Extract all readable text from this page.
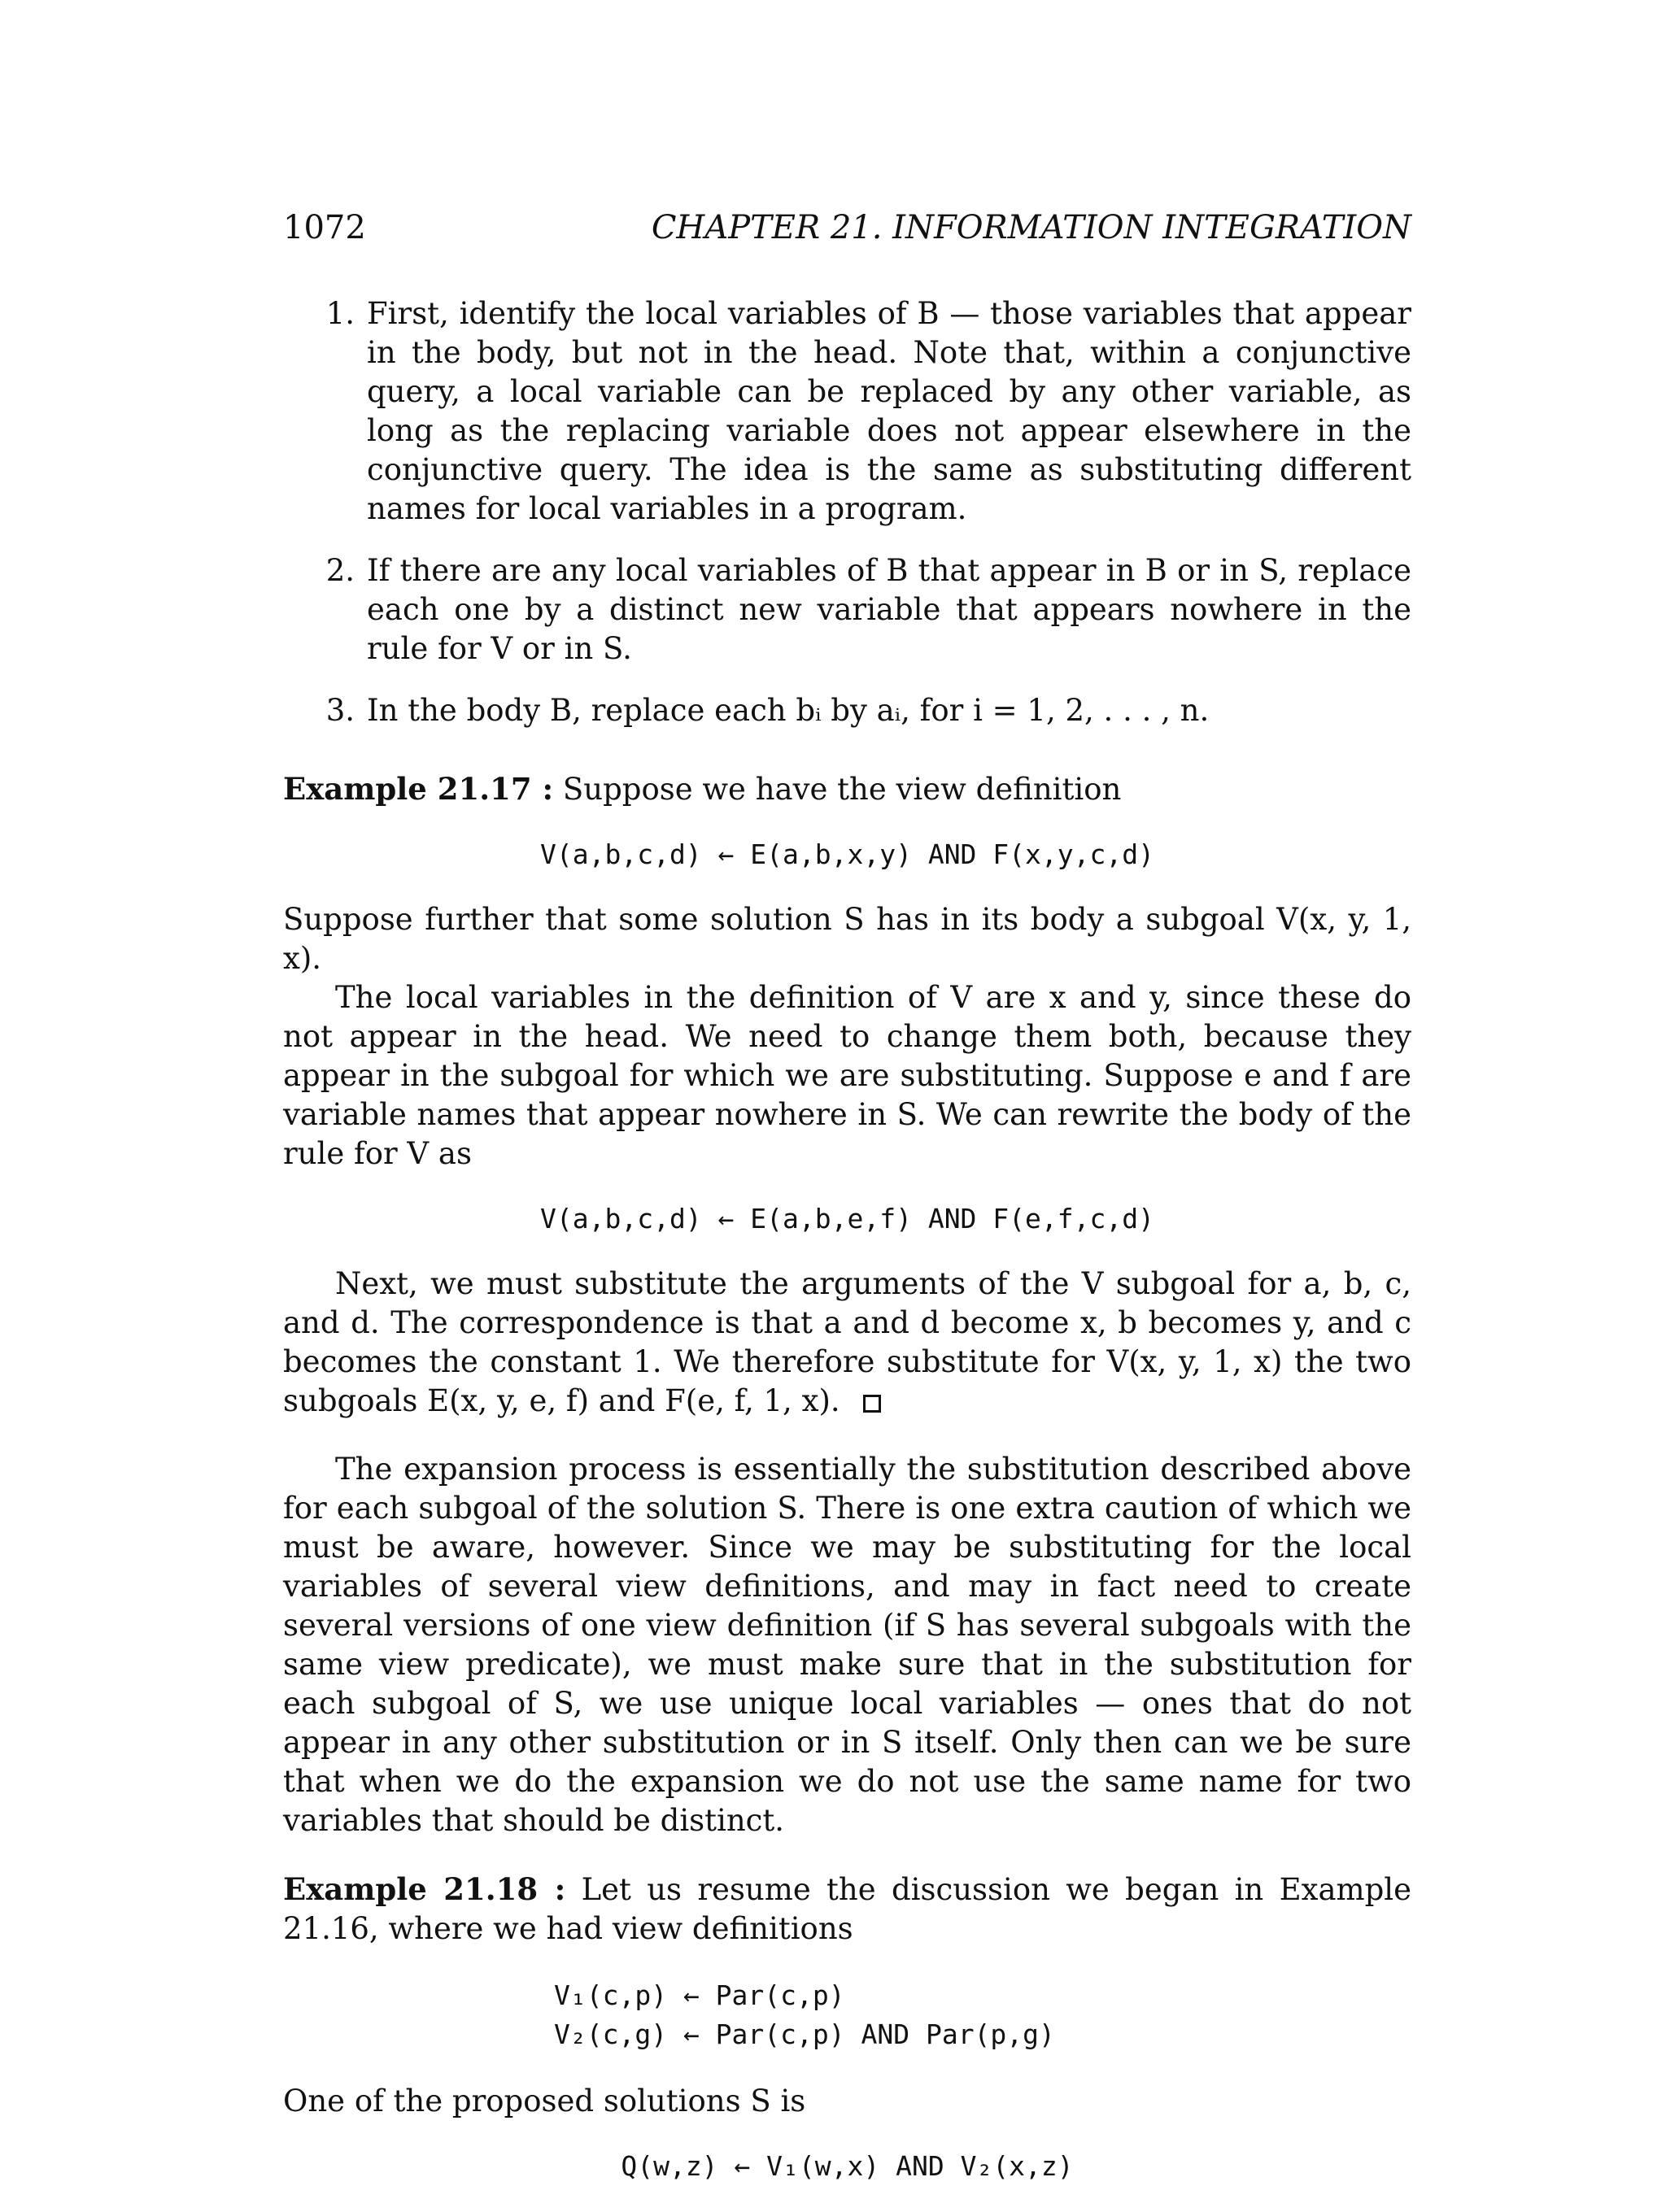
1072	CHAPTER 21. INFORMATION INTEGRATION
1. First, identify the local variables of B — those variables that appear in the body, but not in the head. Note that, within a conjunctive query, a local variable can be replaced by any other variable, as long as the replacing variable does not appear elsewhere in the conjunctive query. The idea is the same as substituting different names for local variables in a program.
2. If there are any local variables of B that appear in B or in S, replace each one by a distinct new variable that appears nowhere in the rule for V or in S.
3. In the body B, replace each bᵢ by aᵢ, for i = 1, 2, . . . , n.

Example 21.17 : Suppose we have the view definition

V(a,b,c,d) ← E(a,b,x,y) AND F(x,y,c,d)

Suppose further that some solution S has in its body a subgoal V(x, y, 1, x).

The local variables in the definition of V are x and y, since these do not appear in the head. We need to change them both, because they appear in the subgoal for which we are substituting. Suppose e and f are variable names that appear nowhere in S. We can rewrite the body of the rule for V as

V(a,b,c,d) ← E(a,b,e,f) AND F(e,f,c,d)

Next, we must substitute the arguments of the V subgoal for a, b, c, and d. The correspondence is that a and d become x, b becomes y, and c becomes the constant 1. We therefore substitute for V(x, y, 1, x) the two subgoals E(x, y, e, f) and F(e, f, 1, x).

The expansion process is essentially the substitution described above for each subgoal of the solution S. There is one extra caution of which we must be aware, however. Since we may be substituting for the local variables of several view definitions, and may in fact need to create several versions of one view definition (if S has several subgoals with the same view predicate), we must make sure that in the substitution for each subgoal of S, we use unique local variables — ones that do not appear in any other substitution or in S itself. Only then can we be sure that when we do the expansion we do not use the same name for two variables that should be distinct.

Example 21.18 : Let us resume the discussion we began in Example 21.16, where we had view definitions

V₁(c,p) ← Par(c,p)
V₂(c,g) ← Par(c,p) AND Par(p,g)

One of the proposed solutions S is

Q(w,z) ← V₁(w,x) AND V₂(x,z)
